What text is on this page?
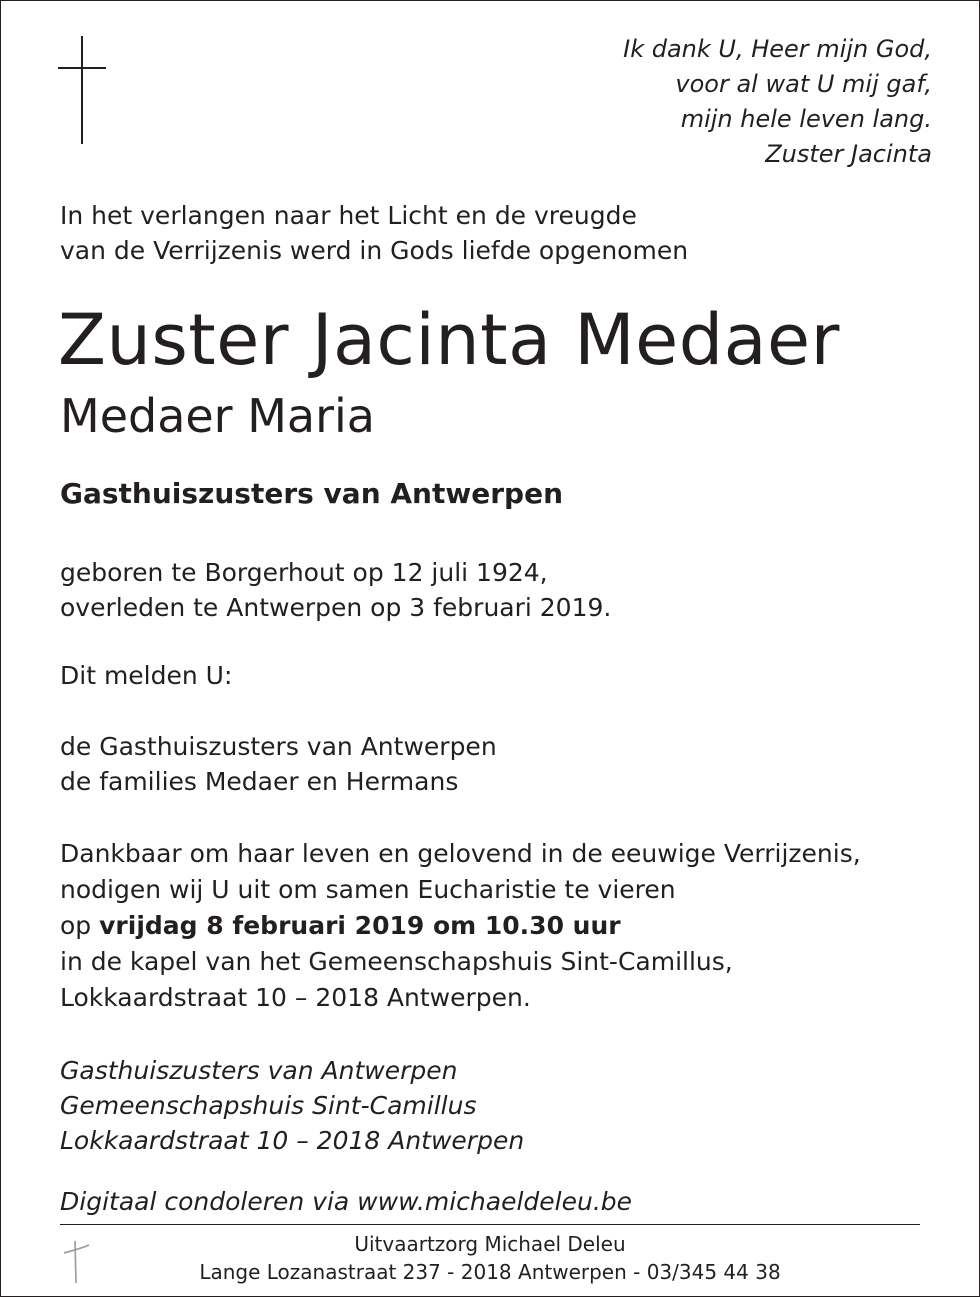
Ik dank U, Heer mijn God,
voor al wat U mij gaf,
mijn hele leven lang.
Zuster Jacinta
In het verlangen naar het Licht en de vreugde
van de Verrijzenis werd in Gods liefde opgenomen
Zuster Jacinta Medaer
Medaer Maria
Gasthuiszusters van Antwerpen
geboren te Borgerhout op 12 juli 1924,
overleden te Antwerpen op 3 februari 2019.
Dit melden U:
de Gasthuiszusters van Antwerpen
de families Medaer en Hermans
Dankbaar om haar leven en gelovend in de eeuwige Verrijzenis,
nodigen wij U uit om samen Eucharistie te vieren
op vrijdag 8 februari 2019 om 10.30 uur
in de kapel van het Gemeenschapshuis Sint-Camillus,
Lokkaardstraat 10 – 2018 Antwerpen.
Gasthuiszusters van Antwerpen
Gemeenschapshuis Sint-Camillus
Lokkaardstraat 10 – 2018 Antwerpen
Digitaal condoleren via www.michaeldeleu.be
Uitvaartzorg Michael Deleu
Lange Lozanastraat 237 - 2018 Antwerpen - 03/345 44 38
